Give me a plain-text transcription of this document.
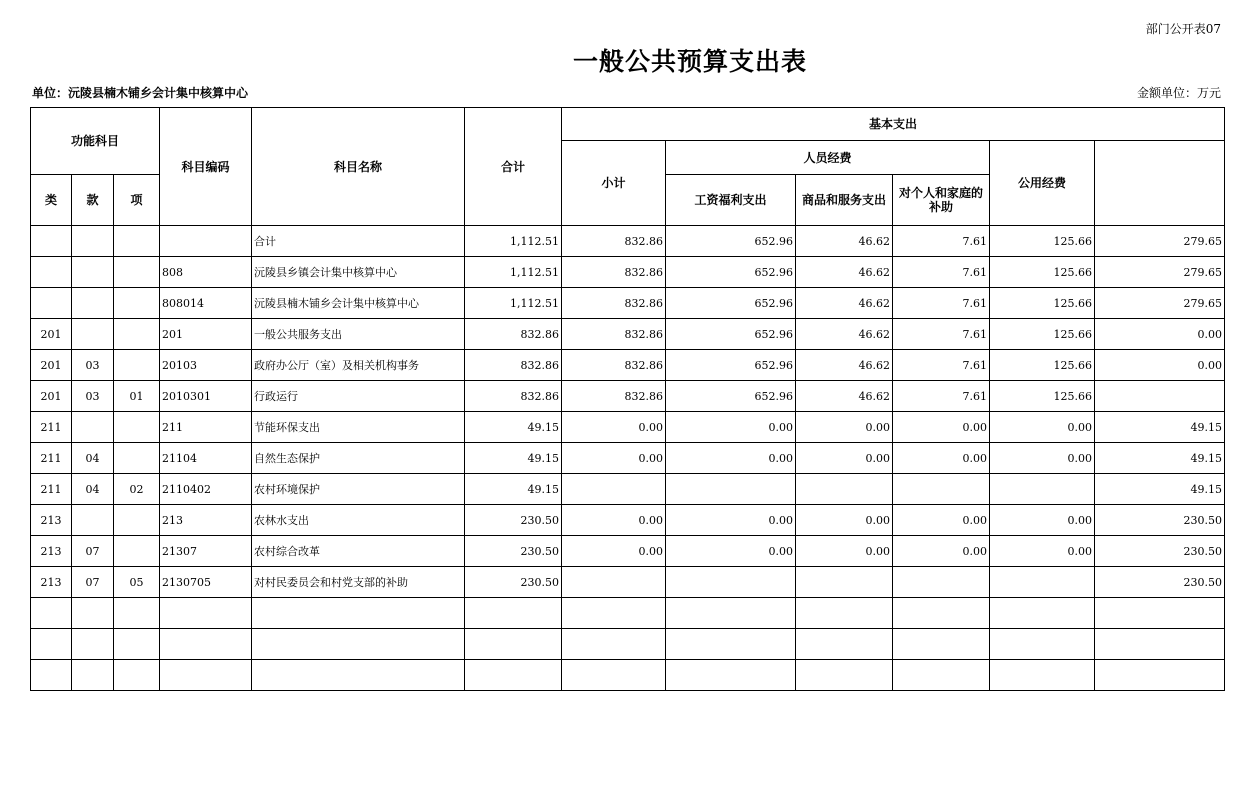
部门公开表07
一般公共预算支出表
单位：沅陵县楠木铺乡会计集中核算中心	金额单位：万元
功能科目			科目编码	科目名称	合计	基本支出	
						小计	人员经费			公用经费		
类	款	项					工资福利支出	商品和服务支出	对个人和家庭的补助			
				合计	1,112.51	832.86	652.96	46.62	7.61	125.66	279.65	
			808	沅陵县乡镇会计集中核算中心	1,112.51	832.86	652.96	46.62	7.61	125.66	279.65	
			808014	沅陵县楠木铺乡会计集中核算中心	1,112.51	832.86	652.96	46.62	7.61	125.66	279.65	
201			201	一般公共服务支出	832.86	832.86	652.96	46.62	7.61	125.66	0.00	
201	03		20103	政府办公厅（室）及相关机构事务	832.86	832.86	652.96	46.62	7.61	125.66	0.00	
201	03	01	2010301	行政运行	832.86	832.86	652.96	46.62	7.61	125.66		
211			211	节能环保支出	49.15	0.00	0.00	0.00	0.00	0.00	49.15	
211	04		21104	自然生态保护	49.15	0.00	0.00	0.00	0.00	0.00	49.15	
211	04	02	2110402	农村环境保护	49.15						49.15	
213			213	农林水支出	230.50	0.00	0.00	0.00	0.00	0.00	230.50	
213	07		21307	农村综合改革	230.50	0.00	0.00	0.00	0.00	0.00	230.50	
213	07	05	2130705	对村民委员会和村党支部的补助	230.50						230.50	
